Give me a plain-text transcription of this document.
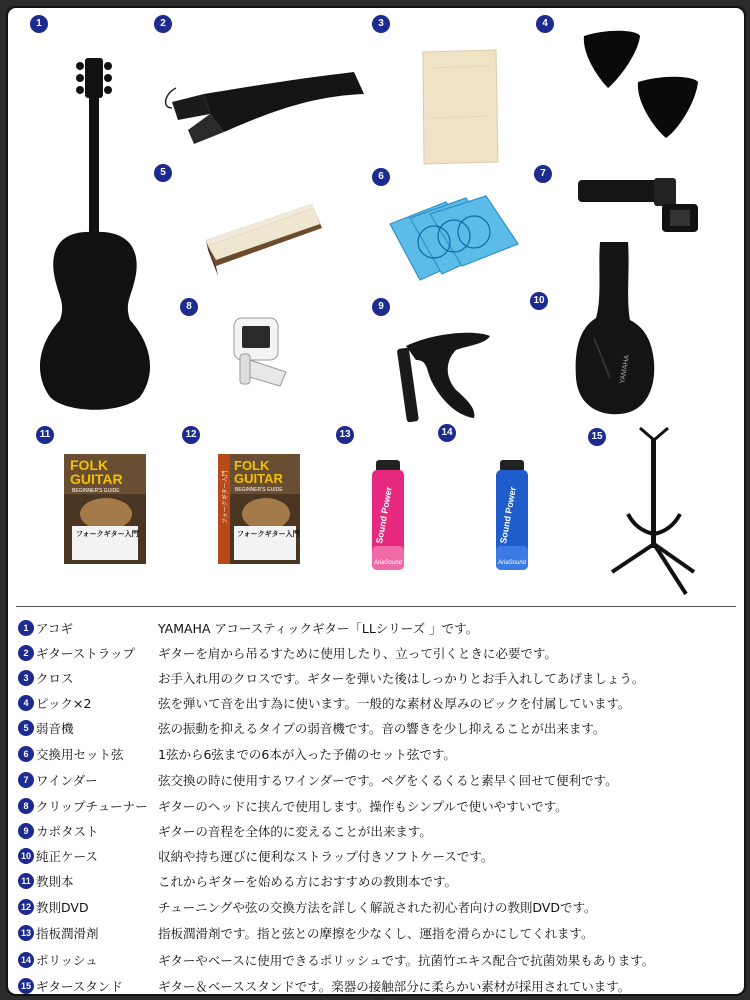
1	2	3	4
5	6	7
8	9
10
11	12	13	14	15
YAMAHA
FOLK
GUITAR
BEGINNER'S GUIDE
フォークギター入門
FOLK
GUITAR
BEGINNER'S GUIDE
フォークギター入門
フォークギター入門	Sound Power
AriaSound
Sound Power
AriaSound
1 アコギ	YAMAHA アコースティックギター「LLシリーズ 」です。
2 ギターストラップ	ギターを肩から吊るすために使用したり、立って引くときに必要です。
3 クロス	お手入れ用のクロスです。ギターを弾いた後はしっかりとお手入れしてあげましょう。
4 ピック×2	弦を弾いて音を出す為に使います。一般的な素材＆厚みのピックを付属しています。
5 弱音機	弦の振動を抑えるタイプの弱音機です。音の響きを少し抑えることが出来ます。
6 交換用セット弦	1弦から6弦までの6本が入った予備のセット弦です。
7 ワインダー	弦交換の時に使用するワインダーです。ペグをくるくると素早く回せて便利です。
8 クリップチューナー ギターのヘッドに挟んで使用します。操作もシンプルで使いやすいです。
9 カポタスト	ギターの音程を全体的に変えることが出来ます。
10 純正ケース	収納や持ち運びに便利なストラップ付きソフトケースです。
11 教則本	これからギターを始める方におすすめの教則本です。
12 教則DVD	チューニングや弦の交換方法を詳しく解説された初心者向けの教則DVDです。
13 指板潤滑剤	指板潤滑剤です。指と弦との摩擦を少なくし、運指を滑らかにしてくれます。
14 ポリッシュ	ギターやベースに使用できるポリッシュです。抗菌竹エキス配合で抗菌効果もあります。
15 ギタースタンド	ギター＆ベーススタンドです。楽器の接触部分に柔らかい素材が採用されています。
